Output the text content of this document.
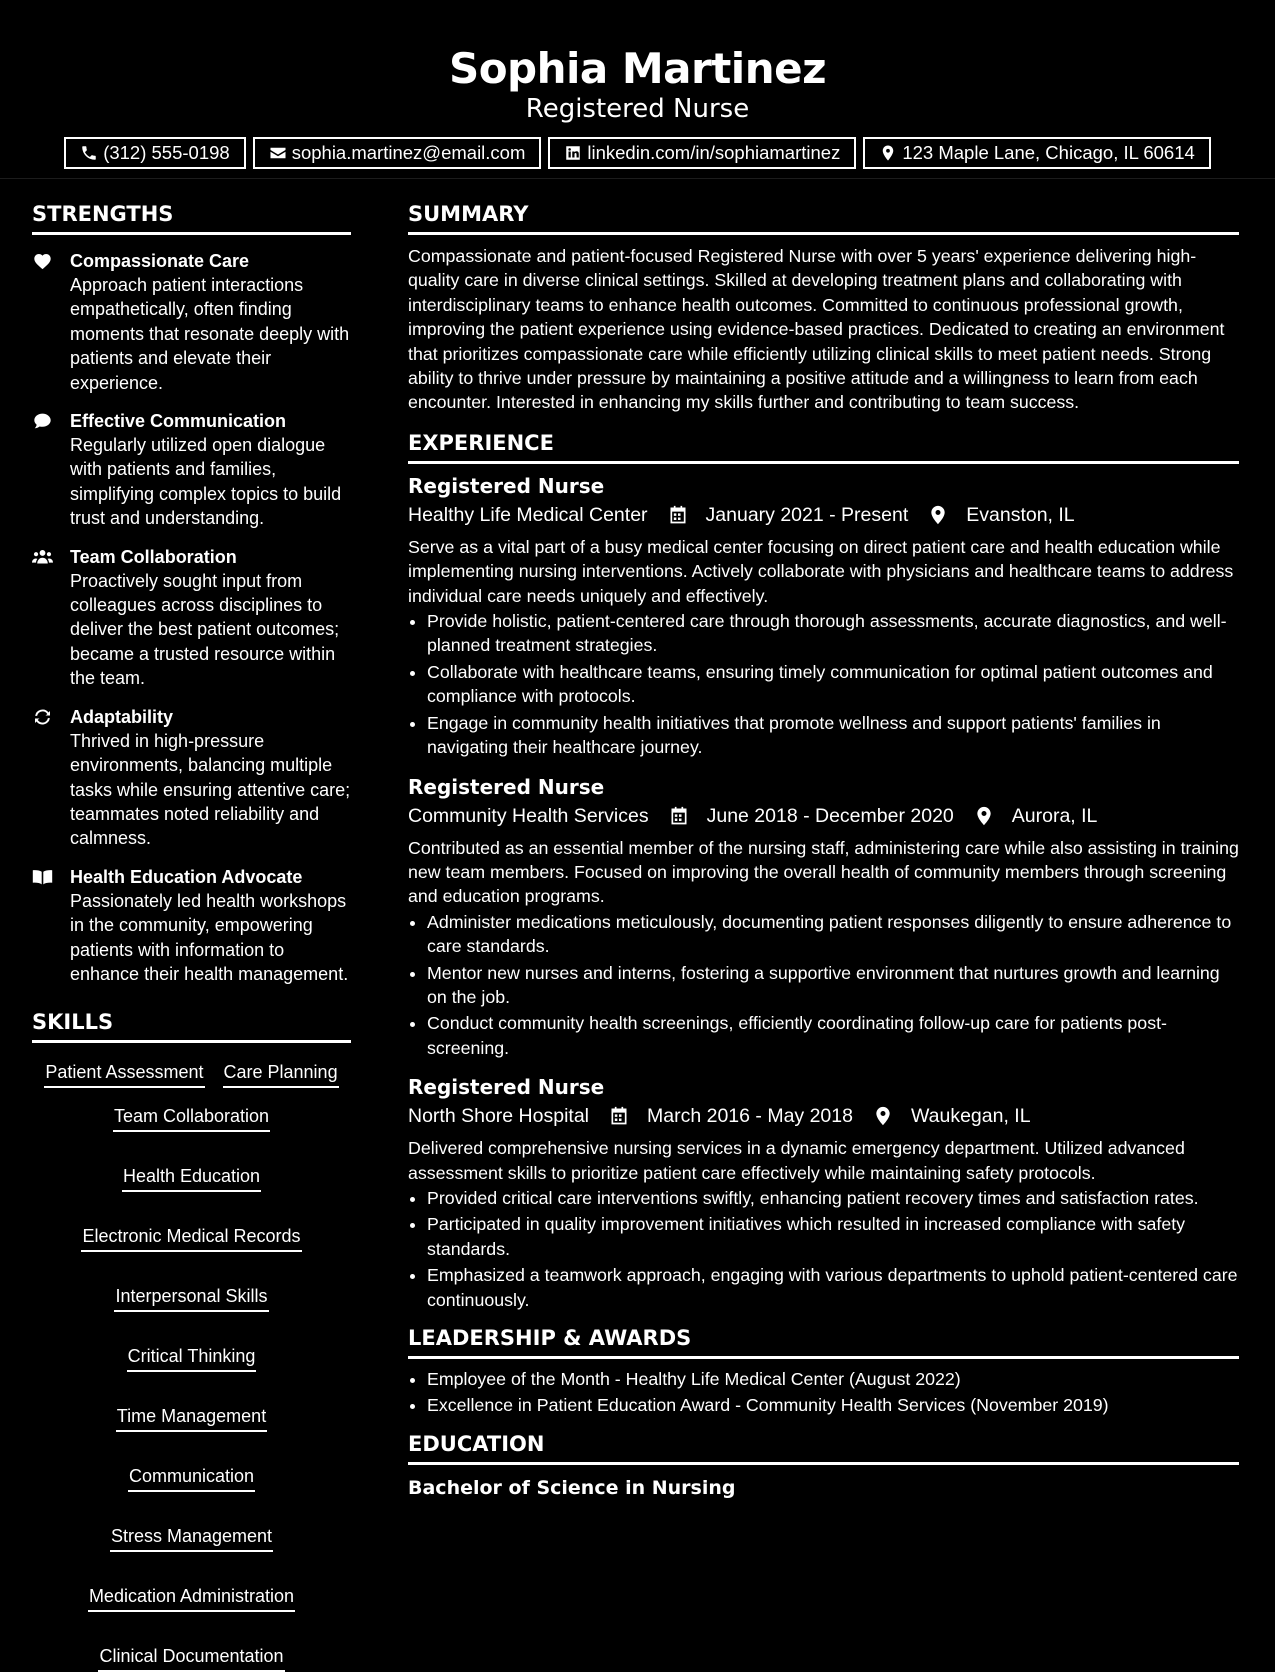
Sophia Martinez
Registered Nurse
(312) 555-0198	sophia.martinez@email.com	linkedin.com/in/sophiamartinez	123 Maple Lane, Chicago, IL 60614
STRENGTHS
Compassionate Care
Approach patient interactions empathetically, often finding moments that resonate deeply with patients and elevate their experience.
Effective Communication
Regularly utilized open dialogue with patients and families, simplifying complex topics to build trust and understanding.
Team Collaboration
Proactively sought input from colleagues across disciplines to deliver the best patient outcomes; became a trusted resource within the team.
Adaptability
Thrived in high-pressure environments, balancing multiple tasks while ensuring attentive care; teammates noted reliability and calmness.
Health Education Advocate
Passionately led health workshops in the community, empowering patients with information to enhance their health management.
SKILLS
Patient Assessment Care Planning
Team Collaboration
Health Education
Electronic Medical Records
Interpersonal Skills
Critical Thinking
Time Management
Communication
Stress Management
Medication Administration
Clinical Documentation
SUMMARY
Compassionate and patient-focused Registered Nurse with over 5 years' experience delivering high-quality care in diverse clinical settings. Skilled at developing treatment plans and collaborating with interdisciplinary teams to enhance health outcomes. Committed to continuous professional growth, improving the patient experience using evidence-based practices. Dedicated to creating an environment that prioritizes compassionate care while efficiently utilizing clinical skills to meet patient needs. Strong ability to thrive under pressure by maintaining a positive attitude and a willingness to learn from each encounter. Interested in enhancing my skills further and contributing to team success.
EXPERIENCE
Registered Nurse
Healthy Life Medical Center	January 2021 - Present	Evanston, IL
Serve as a vital part of a busy medical center focusing on direct patient care and health education while implementing nursing interventions. Actively collaborate with physicians and healthcare teams to address individual care needs uniquely and effectively.
• Provide holistic, patient-centered care through thorough assessments, accurate diagnostics, and well-planned treatment strategies.
• Collaborate with healthcare teams, ensuring timely communication for optimal patient outcomes and compliance with protocols.
• Engage in community health initiatives that promote wellness and support patients' families in navigating their healthcare journey.
Registered Nurse
Community Health Services	June 2018 - December 2020	Aurora, IL
Contributed as an essential member of the nursing staff, administering care while also assisting in training new team members. Focused on improving the overall health of community members through screening and education programs.
• Administer medications meticulously, documenting patient responses diligently to ensure adherence to care standards.
• Mentor new nurses and interns, fostering a supportive environment that nurtures growth and learning on the job.
• Conduct community health screenings, efficiently coordinating follow-up care for patients post-screening.
Registered Nurse
North Shore Hospital	March 2016 - May 2018	Waukegan, IL
Delivered comprehensive nursing services in a dynamic emergency department. Utilized advanced assessment skills to prioritize patient care effectively while maintaining safety protocols.
• Provided critical care interventions swiftly, enhancing patient recovery times and satisfaction rates.
• Participated in quality improvement initiatives which resulted in increased compliance with safety standards.
• Emphasized a teamwork approach, engaging with various departments to uphold patient-centered care continuously.
LEADERSHIP & AWARDS
• Employee of the Month - Healthy Life Medical Center (August 2022)
• Excellence in Patient Education Award - Community Health Services (November 2019)
EDUCATION
Bachelor of Science in Nursing
